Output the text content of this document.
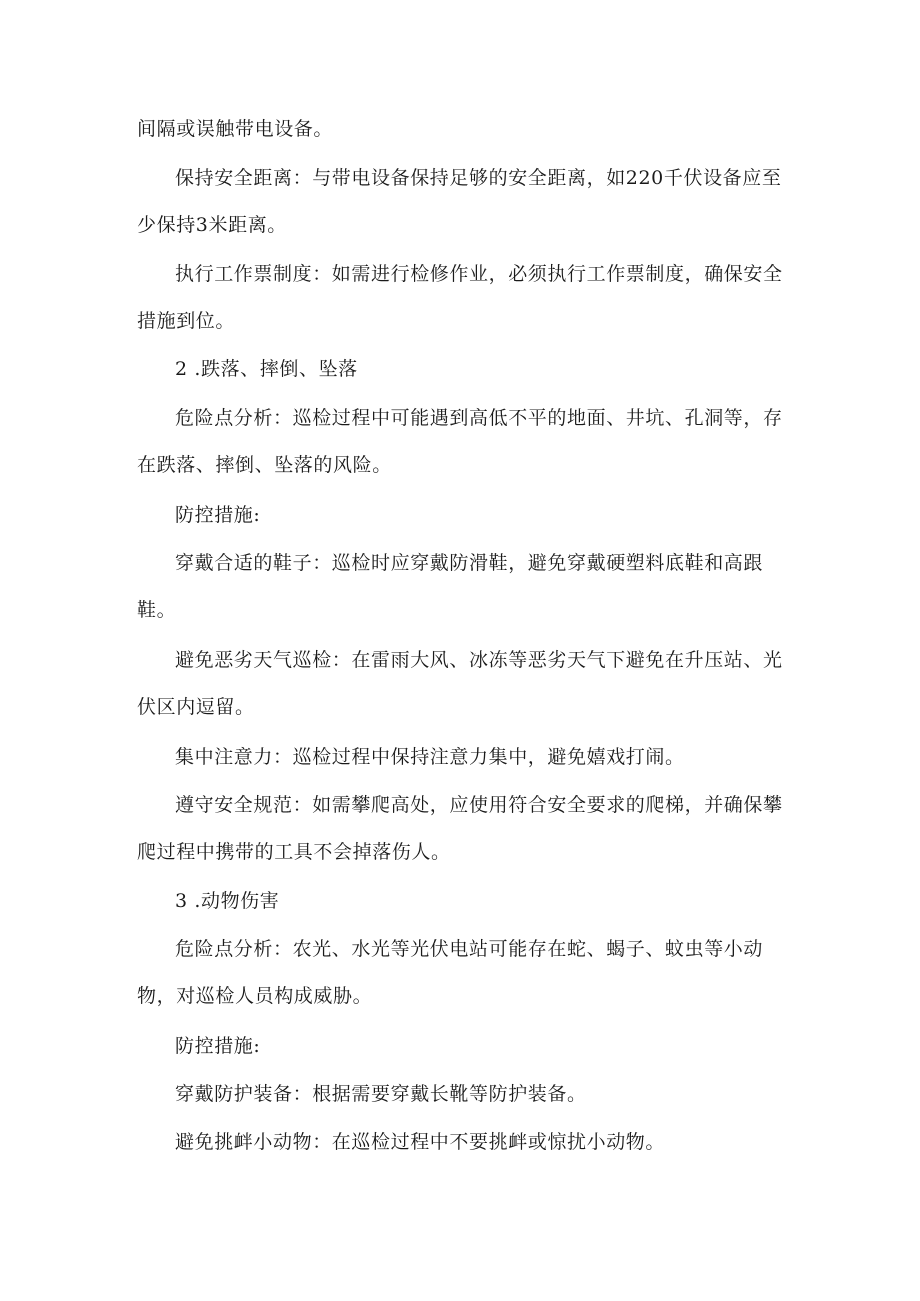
间隔或误触带电设备。

保持安全距离：与带电设备保持足够的安全距离，如220千伏设备应至少保持3米距离。

执行工作票制度：如需进行检修作业，必须执行工作票制度，确保安全措施到位。

2 .跌落、摔倒、坠落

危险点分析：巡检过程中可能遇到高低不平的地面、井坑、孔洞等，存在跌落、摔倒、坠落的风险。

防控措施:

穿戴合适的鞋子：巡检时应穿戴防滑鞋，避免穿戴硬塑料底鞋和高跟鞋。

避免恶劣天气巡检：在雷雨大风、冰冻等恶劣天气下避免在升压站、光伏区内逗留。

集中注意力：巡检过程中保持注意力集中，避免嬉戏打闹。

遵守安全规范：如需攀爬高处，应使用符合安全要求的爬梯，并确保攀爬过程中携带的工具不会掉落伤人。

3 .动物伤害

危险点分析：农光、水光等光伏电站可能存在蛇、蝎子、蚊虫等小动物，对巡检人员构成威胁。

防控措施:

穿戴防护装备：根据需要穿戴长靴等防护装备。

避免挑衅小动物：在巡检过程中不要挑衅或惊扰小动物。
